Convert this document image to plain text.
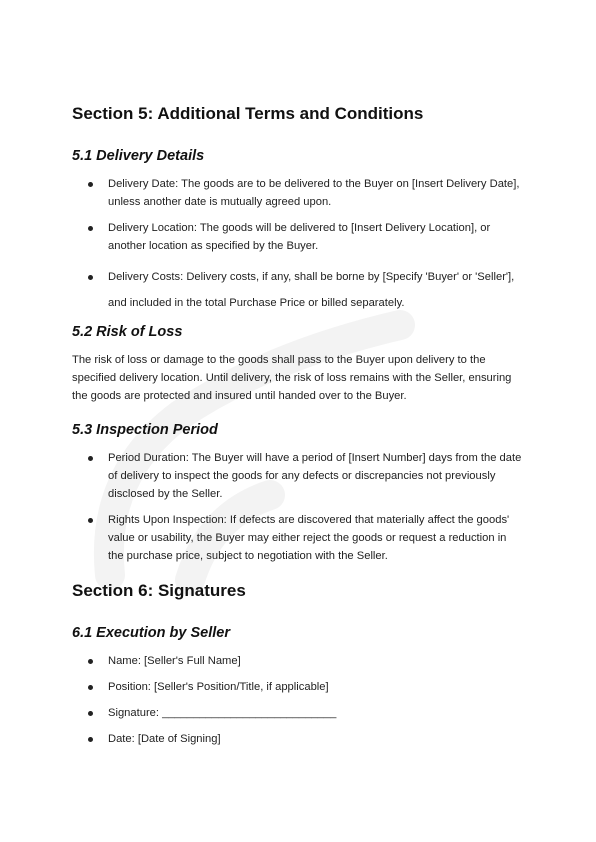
Section 5: Additional Terms and Conditions
5.1 Delivery Details
Delivery Date: The goods are to be delivered to the Buyer on [Insert Delivery Date], unless another date is mutually agreed upon.
Delivery Location: The goods will be delivered to [Insert Delivery Location], or another location as specified by the Buyer.
Delivery Costs: Delivery costs, if any, shall be borne by [Specify 'Buyer' or 'Seller'], and included in the total Purchase Price or billed separately.
5.2 Risk of Loss

The risk of loss or damage to the goods shall pass to the Buyer upon delivery to the specified delivery location. Until delivery, the risk of loss remains with the Seller, ensuring the goods are protected and insured until handed over to the Buyer.

5.3 Inspection Period
Period Duration: The Buyer will have a period of [Insert Number] days from the date of delivery to inspect the goods for any defects or discrepancies not previously disclosed by the Seller.
Rights Upon Inspection: If defects are discovered that materially affect the goods' value or usability, the Buyer may either reject the goods or request a reduction in the purchase price, subject to negotiation with the Seller.
Section 6: Signatures
6.1 Execution by Seller
Name: [Seller's Full Name]
Position: [Seller's Position/Title, if applicable]
Signature: ____________________________
Date: [Date of Signing]
